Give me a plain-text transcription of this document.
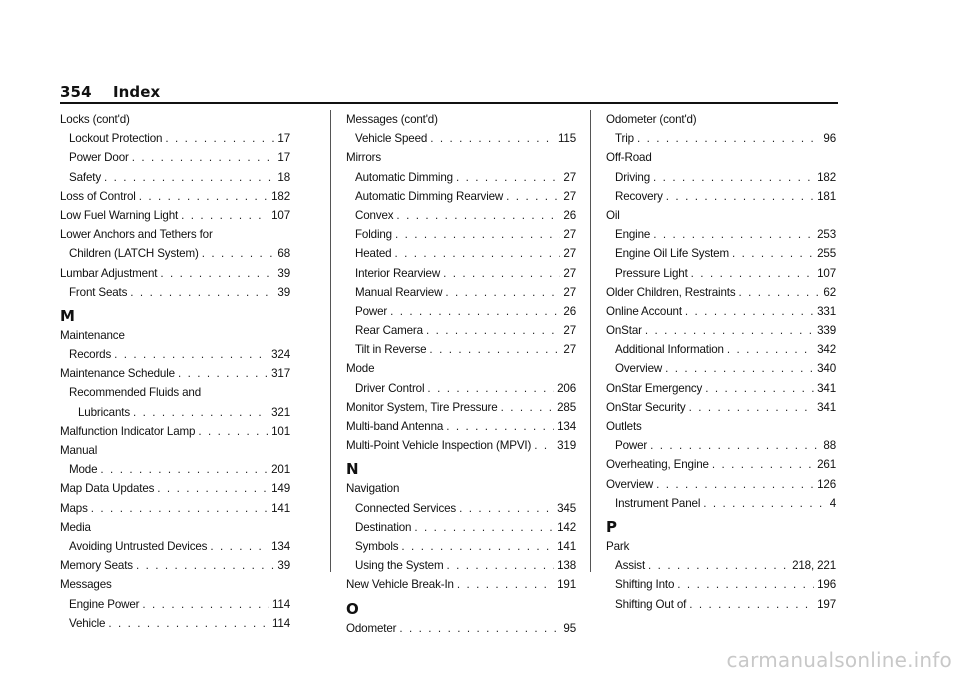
354 Index
Locks (cont'd)
Lockout Protection . . .	17
Power Door . . .	17
Safety . . .	18
Loss of Control . . .	182
Low Fuel Warning Light . . .	107
Lower Anchors and Tethers for
Children (LATCH System) . . .	68
Lumbar Adjustment . . .	39
Front Seats . . .	39
M
Maintenance
Records . . .	324
Maintenance Schedule . . .	317
Recommended Fluids and
Lubricants . . .	321
Malfunction Indicator Lamp . . .	101
Manual
Mode . . .	201
Map Data Updates . . .	149
Maps . . .	141
Media
Avoiding Untrusted Devices . . .	134
Memory Seats . . .	39
Messages
Engine Power . . .	114
Vehicle . . .	114
Messages (cont'd)
Vehicle Speed . . .	115
Mirrors
Automatic Dimming . . .	27
Automatic Dimming Rearview . . .	27
Convex . . .	26
Folding . . .	27
Heated . . .	27
Interior Rearview . . .	27
Manual Rearview . . .	27
Power . . .	26
Rear Camera . . .	27
Tilt in Reverse . . .	27
Mode
Driver Control . . .	206
Monitor System, Tire Pressure . . .	285
Multi-band Antenna . . .	134
Multi-Point Vehicle Inspection (MPVI) . . . 319
N
Navigation
Connected Services . . .	345
Destination . . .	142
Symbols . . .	141
Using the System . . .	138
New Vehicle Break-In . . .	191
O
Odometer . . .	95
Odometer (cont'd)
Trip . . .	96
Off-Road
Driving . . .	182
Recovery . . .	181
Oil
Engine . . .	253
Engine Oil Life System . . .	255
Pressure Light . . .	107
Older Children, Restraints . . .	62
Online Account . . .	331
OnStar . . .	339
Additional Information . . .	342
Overview . . .	340
OnStar Emergency . . .	341
OnStar Security . . .	341
Outlets
Power . . .	88
Overheating, Engine . . .	261
Overview . . .	126
Instrument Panel . . .	4
P
Park
Assist . . .	218, 221
Shifting Into . . .	196
Shifting Out of . . .	197
carmanualsonline.info
